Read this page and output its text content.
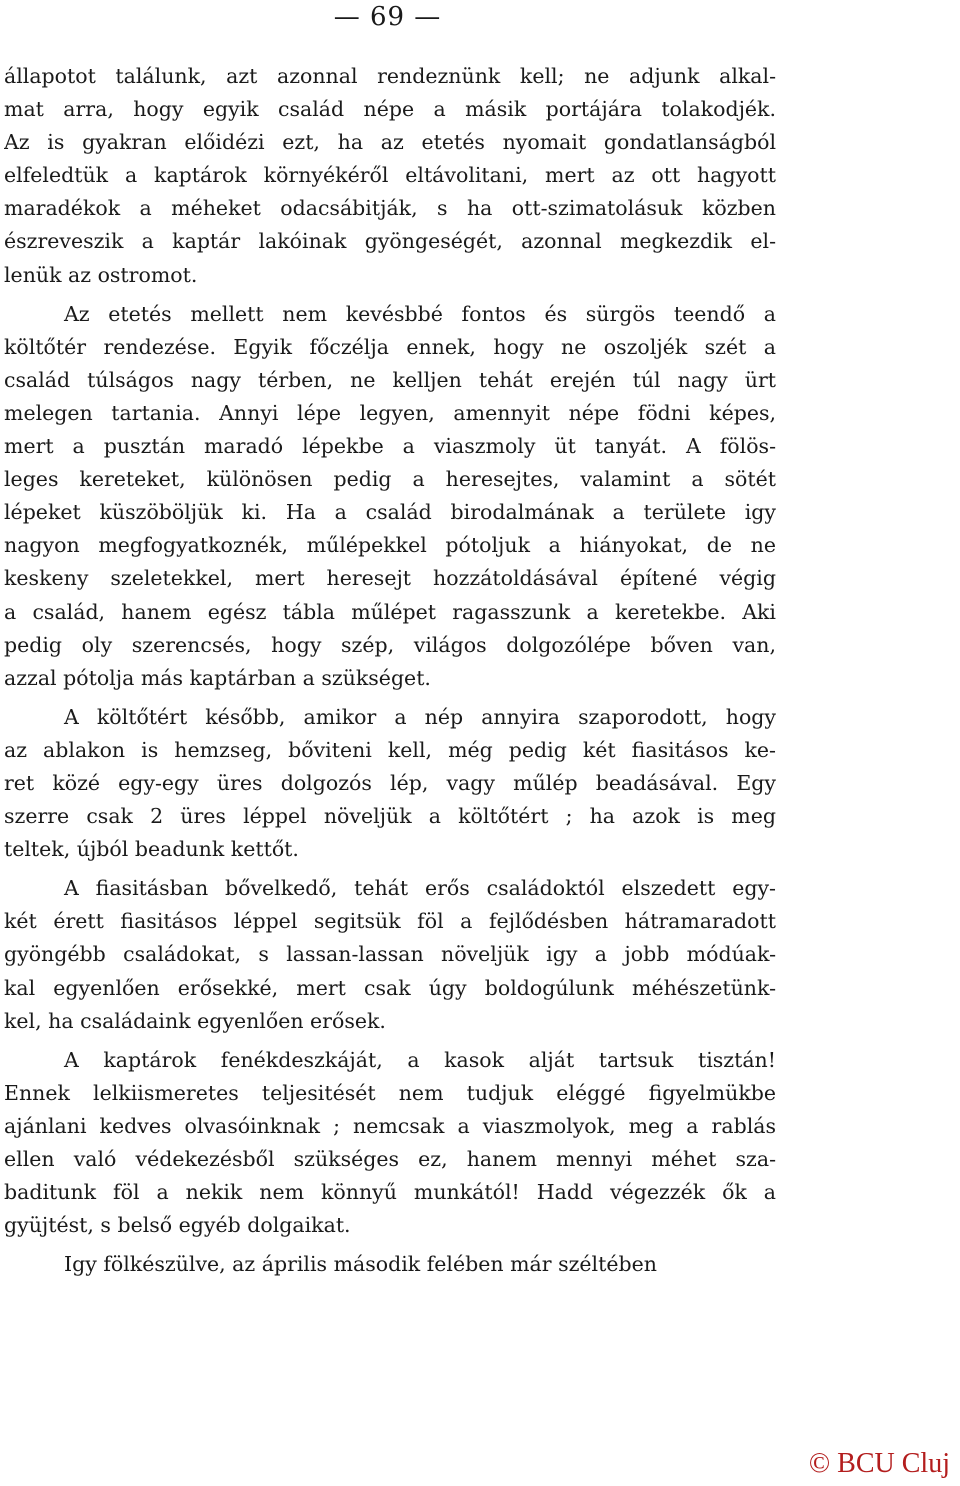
— 69 —
állapotot találunk, azt azonnal rendeznünk kell; ne adjunk alkal-
mat arra, hogy egyik család népe a másik portájára tolakodjék.
Az is gyakran előidézi ezt, ha az etetés nyomait gondatlanságból
elfeledtük a kaptárok környékéről eltávolitani, mert az ott hagyott
maradékok a méheket odacsábitják, s ha ott-szimatolásuk közben
észreveszik a kaptár lakóinak gyöngeségét, azonnal megkezdik el-
lenük az ostromot.
Az etetés mellett nem kevésbbé fontos és sürgös teendő a
költőtér rendezése. Egyik főczélja ennek, hogy ne oszoljék szét a
család túlságos nagy térben, ne kelljen tehát erején túl nagy ürt
melegen tartania. Annyi lépe legyen, amennyit népe födni képes,
mert a pusztán maradó lépekbe a viaszmoly üt tanyát. A fölös-
leges kereteket, különösen pedig a heresejtes, valamint a sötét
lépeket küszöböljük ki. Ha a család birodalmának a területe igy
nagyon megfogyatkoznék, műlépekkel pótoljuk a hiányokat, de ne
keskeny szeletekkel, mert heresejt hozzátoldásával építené végig
a család, hanem egész tábla műlépet ragasszunk a keretekbe. Aki
pedig oly szerencsés, hogy szép, világos dolgozólépe bőven van,
azzal pótolja más kaptárban a szükséget.
A költőtért később, amikor a nép annyira szaporodott, hogy
az ablakon is hemzseg, bőviteni kell, még pedig két fiasitásos ke-
ret közé egy-egy üres dolgozós lép, vagy műlép beadásával. Egy
szerre csak 2 üres léppel növeljük a költőtért ; ha azok is meg
teltek, újból beadunk kettőt.
A fiasitásban bővelkedő, tehát erős családoktól elszedett egy-
két érett fiasitásos léppel segitsük föl a fejlődésben hátramaradott
gyöngébb családokat, s lassan-lassan növeljük igy a jobb módúak-
kal egyenlően erősekké, mert csak úgy boldogúlunk méhészetünk-
kel, ha családaink egyenlően erősek.
A kaptárok fenékdeszkáját, a kasok alját tartsuk tisztán!
Ennek lelkiismeretes teljesitését nem tudjuk eléggé figyelmükbe
ajánlani kedves olvasóinknak ; nemcsak a viaszmolyok, meg a rablás
ellen való védekezésből szükséges ez, hanem mennyi méhet sza-
baditunk föl a nekik nem könnyű munkától! Hadd végezzék ők a
gyüjtést, s belső egyéb dolgaikat.
Igy fölkészülve, az április második felében már széltében
© BCU Cluj
